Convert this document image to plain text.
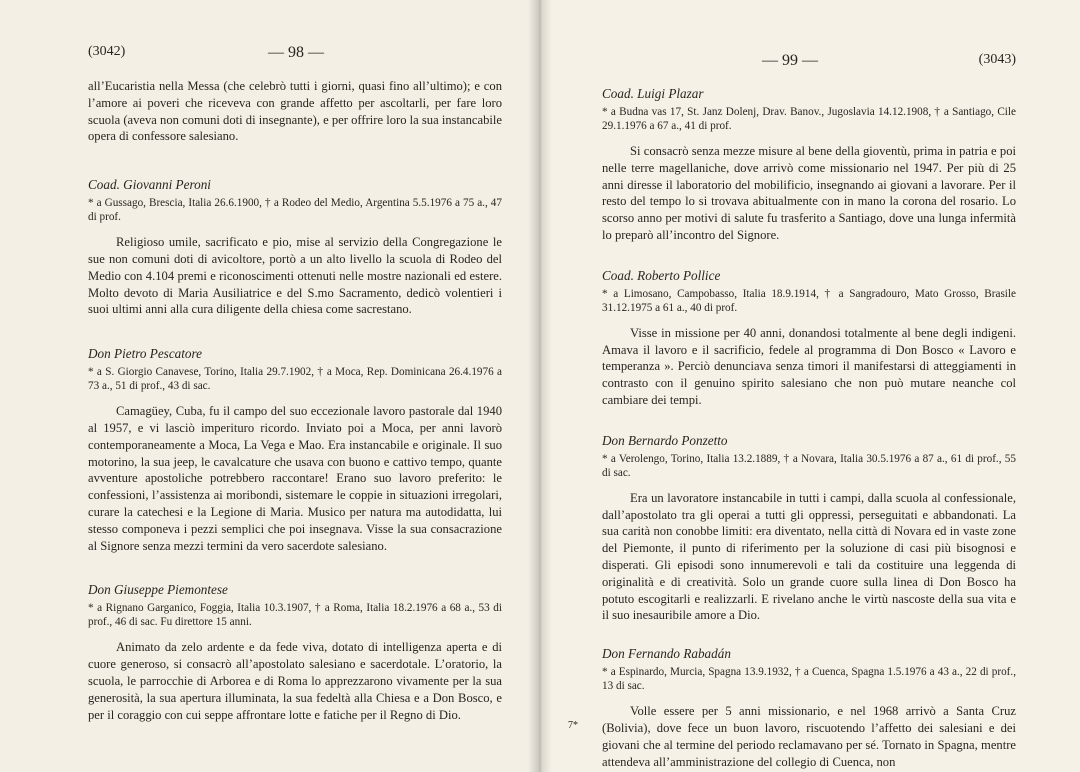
(3042)	— 98 —

all’Eucaristia nella Messa (che celebrò tutti i giorni, quasi fino all’ultimo); e con l’amore ai poveri che riceveva con grande affetto per ascoltarli, per fare loro scuola (aveva non comuni doti di insegnante), e per offrire loro la sua instancabile opera di confessore salesiano.

Coad. Giovanni Peroni
* a Gussago, Brescia, Italia 26.6.1900, † a Rodeo del Medio, Argentina 5.5.1976 a 75 a., 47 di prof.

Religioso umile, sacrificato e pio, mise al servizio della Congregazione le sue non comuni doti di avicoltore, portò a un alto livello la scuola di Rodeo del Medio con 4.104 premi e riconoscimenti ottenuti nelle mostre nazionali ed estere. Molto devoto di Maria Ausiliatrice e del S.mo Sacramento, dedicò volentieri i suoi ultimi anni alla cura diligente della chiesa come sacrestano.

Don Pietro Pescatore
* a S. Giorgio Canavese, Torino, Italia 29.7.1902, † a Moca, Rep. Dominicana 26.4.1976 a 73 a., 51 di prof., 43 di sac.

Camagüey, Cuba, fu il campo del suo eccezionale lavoro pastorale dal 1940 al 1957, e vi lasciò imperituro ricordo. Inviato poi a Moca, per anni lavorò contemporaneamente a Moca, La Vega e Mao. Era instancabile e originale. Il suo motorino, la sua jeep, le cavalcature che usava con buono e cattivo tempo, quante avventure apostoliche potrebbero raccontare! Erano suo lavoro preferito: le confessioni, l’assistenza ai moribondi, sistemare le coppie in situazioni irregolari, curare la catechesi e la Legione di Maria. Musico per natura ma autodidatta, lui stesso componeva i pezzi semplici che poi insegnava. Visse la sua consacrazione al Signore senza mezzi termini da vero sacerdote salesiano.

Don Giuseppe Piemontese
* a Rignano Garganico, Foggia, Italia 10.3.1907, † a Roma, Italia 18.2.1976 a 68 a., 53 di prof., 46 di sac. Fu direttore 15 anni.

Animato da zelo ardente e da fede viva, dotato di intelligenza aperta e di cuore generoso, si consacrò all’apostolato salesiano e sacerdotale. L’oratorio, la scuola, le parrocchie di Arborea e di Roma lo apprezzarono vivamente per la sua generosità, la sua apertura illuminata, la sua fedeltà alla Chiesa e a Don Bosco, e per il coraggio con cui seppe affrontare lotte e fatiche per il Regno di Dio.

— 99 —	(3043)
Coad. Luigi Plazar
* a Budna vas 17, St. Janz Dolenj, Drav. Banov., Jugoslavia 14.12.1908, † a Santiago, Cile 29.1.1976 a 67 a., 41 di prof.

Si consacrò senza mezze misure al bene della gioventù, prima in patria e poi nelle terre magellaniche, dove arrivò come missionario nel 1947. Per più di 25 anni diresse il laboratorio del mobilificio, insegnando ai giovani a lavorare. Per il resto del tempo lo si trovava abitualmente con in mano la corona del rosario. Lo scorso anno per motivi di salute fu trasferito a Santiago, dove una lunga infermità lo preparò all’incontro del Signore.

Coad. Roberto Pollice
* a Limosano, Campobasso, Italia 18.9.1914, † a Sangradouro, Mato Grosso, Brasile 31.12.1975 a 61 a., 40 di prof.

Visse in missione per 40 anni, donandosi totalmente al bene degli indigeni. Amava il lavoro e il sacrificio, fedele al programma di Don Bosco « Lavoro e temperanza ». Perciò denunciava senza timori il manifestarsi di atteggiamenti in contrasto con il genuino spirito salesiano che non può mutare neanche col cambiare dei tempi.

Don Bernardo Ponzetto
* a Verolengo, Torino, Italia 13.2.1889, † a Novara, Italia 30.5.1976 a 87 a., 61 di prof., 55 di sac.

Era un lavoratore instancabile in tutti i campi, dalla scuola al confessionale, dall’apostolato tra gli operai a tutti gli oppressi, perseguitati e abbandonati. La sua carità non conobbe limiti: era diventato, nella città di Novara ed in vaste zone del Piemonte, il punto di riferimento per la soluzione di casi più bisognosi e disperati. Gli episodi sono innumerevoli e tali da costituire una leggenda di originalità e di creatività. Solo un grande cuore sulla linea di Don Bosco ha potuto escogitarli e realizzarli. E rivelano anche le virtù nascoste della sua vita e il suo inesauribile amore a Dio.

Don Fernando Rabadán
* a Espinardo, Murcia, Spagna 13.9.1932, † a Cuenca, Spagna 1.5.1976 a 43 a., 22 di prof., 13 di sac.

Volle essere per 5 anni missionario, e nel 1968 arrivò a Santa Cruz (Bolivia), dove fece un buon lavoro, riscuotendo l’affetto dei salesiani e dei giovani che al termine del periodo reclamavano per sé. Tornato in Spagna, mentre attendeva all’amministrazione del collegio di Cuenca, non

7*
